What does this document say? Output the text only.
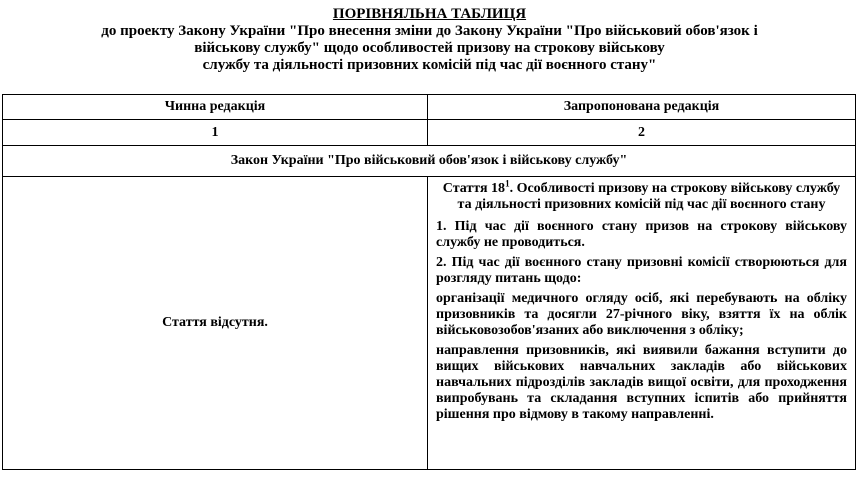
ПОРІВНЯЛЬНА ТАБЛИЦЯ
до проекту Закону України "Про внесення зміни до Закону України "Про військовий обов'язок і
військову службу" щодо особливостей призову на строкову військову
службу та діяльності призовних комісій під час дії воєнного стану"
Чинна редакція	Запропонована редакція
1	2
Закон України "Про військовий обов'язок і військову службу"	
Стаття відсутня.	Стаття $18^1$. Особливості призову на строкову військову службу та діяльності призовних комісій під час дії воєнного стану
1. Під час дії воєнного стану призов на строкову військову службу не проводиться.
2. Під час дії воєнного стану призовні комісії створюються для розгляду питань щодо:
організації медичного огляду осіб, які перебувають на обліку призовників та досягли 27-річного віку, взяття їх на облік військовозобов'язаних або виключення з обліку;
направлення призовників, які виявили бажання вступити до вищих військових навчальних закладів або військових навчальних підрозділів закладів вищої освіти, для проходження випробувань та складання вступних іспитів або прийняття рішення про відмову в такому направленні.
